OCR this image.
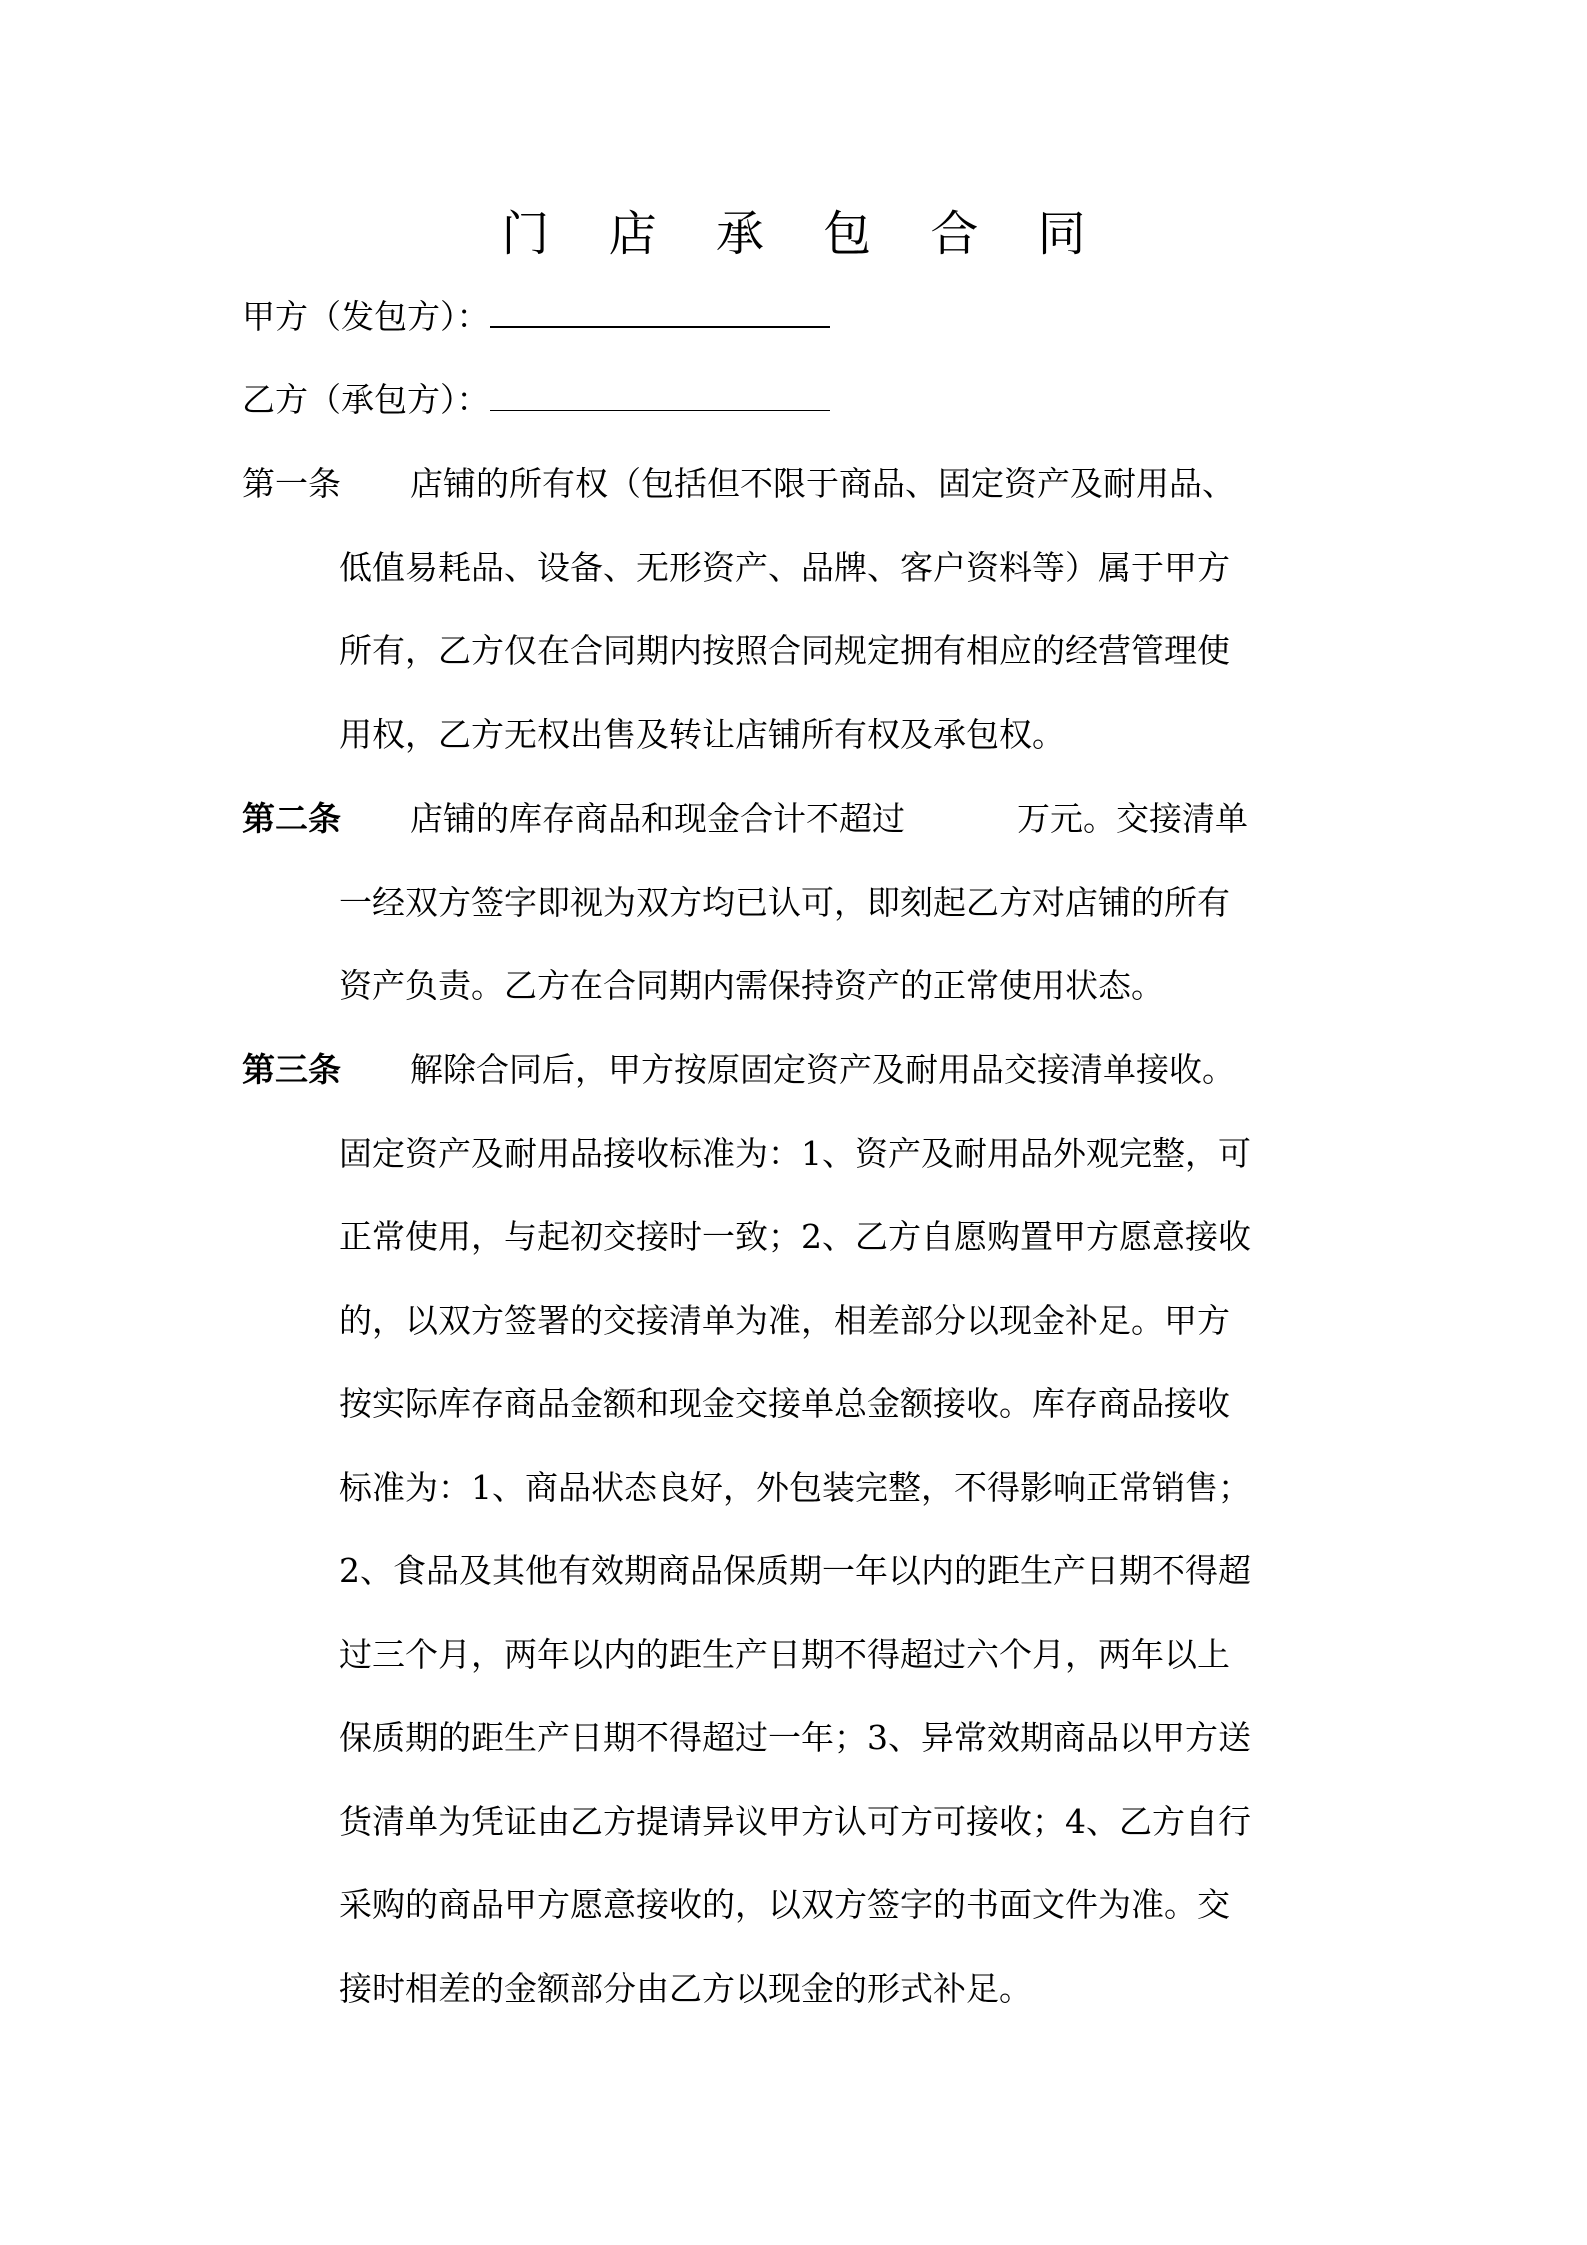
门 店 承 包 合 同
甲方（发包方）：
乙方（承包方）：
第一条 店铺的所有权（包括但不限于商品、固定资产及耐用品、
低值易耗品、设备、无形资产、品牌、客户资料等）属于甲方
所有，乙方仅在合同期内按照合同规定拥有相应的经营管理使
用权，乙方无权出售及转让店铺所有权及承包权。
第二条 店铺的库存商品和现金合计不超过	万元。交接清单
一经双方签字即视为双方均已认可，即刻起乙方对店铺的所有
资产负责。乙方在合同期内需保持资产的正常使用状态。
第三条 解除合同后，甲方按原固定资产及耐用品交接清单接收。
固定资产及耐用品接收标准为：1、资产及耐用品外观完整，可
正常使用，与起初交接时一致；2、乙方自愿购置甲方愿意接收
的，以双方签署的交接清单为准，相差部分以现金补足。甲方
按实际库存商品金额和现金交接单总金额接收。库存商品接收
标准为：1、商品状态良好，外包装完整，不得影响正常销售；
2、食品及其他有效期商品保质期一年以内的距生产日期不得超
过三个月，两年以内的距生产日期不得超过六个月，两年以上
保质期的距生产日期不得超过一年；3、异常效期商品以甲方送
货清单为凭证由乙方提请异议甲方认可方可接收；4、乙方自行
采购的商品甲方愿意接收的，以双方签字的书面文件为准。交
接时相差的金额部分由乙方以现金的形式补足。
